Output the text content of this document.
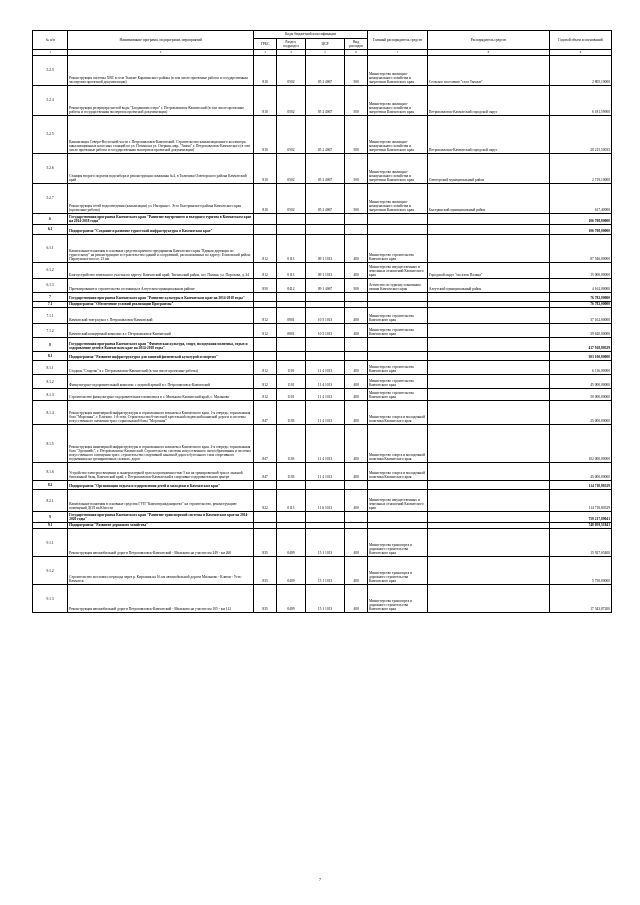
№ п/п	Наименование программ, подпрограмм, мероприятий	Коды бюджетной классификации				Главный распорядитель средств	Распорядитель средств	Годовой объем ассигнований
		ГРБС	Раздел, подраздел	ЦСР	Вид расходов			
1	2	3	4	5	6	7	8	9
5.2.3	Реконструкция системы ХВС в селе Тымлат Карагинского района (в том числе проектные работы и государственная экспертиза проектной документации)	810	0502	05 2 4067	500	Министерство жилищно-коммунального хозяйства и энергетики Камчатского края	Сельское поселение "село Тымлат"	2 805,10000
5.2.4	Реконструкция резервуара чистой воды "Богданович озеро" г. Петропавловск-Камчатский (в том числе проектные работы и государственная экспертиза проектной документации)	810	0502	05 2 4067	500	Министерство жилищно-коммунального хозяйства и энергетики Камчатского края	Петропавловск-Камчатский городской округ	6 181,59900
5.2.5	Канализация Северо-Восточной части г. Петропавловск-Камчатский. Строительство канализационного коллектора, канализационных насосных станций по ул. Потина на ул. Озерная, мкр. "Авача" г. Петропавловск-Камчатского (в том числе проектные работы и государственная экспертиза проектной документации)	810	0502	05 2 4067	500	Министерство жилищно-коммунального хозяйства и энергетики Камчатского края	Петропавловск-Камчатский городской округ	20 215,50035
5.2.6	Станция второго подъема водозабора и реконструкция скважины №4, в Тиличики Олюторского района Камчатский край	810	0502	05 2 4067	500	Министерство жилищно-коммунального хозяйства и энергетики Камчатского края	Олюторский муниципальный район	2 719,10000
5.2.7	Реконструкция сетей водоотведения (канализации) ул. Нагорная с. Эссо Быстринского района Камчатского края (проектные работы)	810	0502	05 2 4067	500	Министерство жилищно-коммунального хозяйства и энергетики Камчатского края	Быстринский муниципальный район	617,40000
6	Государственная программа Камчатского края "Развитие внутреннего и въездного туризма в Камчатском крае на 2014-2018 годы"							106 708,00000
6.1	Подпрограмма "Создание и развитие туристской инфраструктуры в Камчатском крае"							106 708,00000
6.1.1	Капитальные вложения в основные средства краевого предприятия Камчатского края "Единая дирекция по туристскому" на реконструкцию и строительство зданий и сооружений, расположенных по адресу: Елизовский район, Паратунское шоссе, 23 км	812	0113	09 1 1013	400	Министерство строительства Камчатского края		87 546,00000
6.1.2	Благоустройство земельного участка по адресу: Камчатский край, Тигильский район, пгт. Палана, ул. Поротова, д. 24	812	0113	09 1 1013	400	Министерство имущественных и земельных отношений Камчатского края	Городской округ "поселок Палана"	15 000,00000
6.1.3	Проектирование и строительство гостиницы в Алеутском муниципальном районе	850	0412	09 1 4067	500	Агентство по туризму и внешним связям Камчатского края	Алеутский муниципальный район	4 162,00000
7	Государственная программа Камчатского края "Развитие культуры в Камчатском крае на 2014-2018 годы"							76 782,00000
7.1	Подпрограмма "Обеспечение условий реализации Программы"							76 782,00000
7.1.1	Камчатский театр кукол г. Петропавловск-Камчатский	812	0801	10 5 1013	400	Министерство строительства Камчатского края		37 162,00000
7.1.2	Камчатский концертный комплекс в г. Петропавловск-Камчатский	812	0801	10 5 1013	400	Министерство строительства Камчатского края		39 620,00000
8	Государственная программа Камчатского края "Физическая культура, спорт, молодежная политика, отдых и оздоровление детей в Камчатском крае на 2014-2018 годы"							417 918,80529
8.1	Подпрограмма "Развитие инфраструктуры для занятий физической культурой и спортом"							303 100,00000
8.1.1	Стадион "Спартак" в г. Петропавловск-Камчатский (в том числе проектные работы)	812	1101	11 4 1013	400	Министерство строительства Камчатского края		6 116,00000
8.1.2	Физкультурно-оздоровительный комплекс с ледовой ареной в г. Петропавловск-Камчатский	812	1101	11 4 1013	400	Министерство строительства Камчатского края		45 000,00000
8.1.3	Строительство физкультурно-оздоровительного комплекса в с. Мильково Камчатский край, с. Мильково	812	1101	11 4 1013	400	Министерство строительства Камчатского края		50 000,00000
8.1.4	Реконструкция инженерной инфраструктуры и горнолыжного комплекса Камчатского края. 1-я очередь: горнолыжная база "Морозная", г. Елизово. 1-й этап. Строительство 6-местной кресельной подвесной канатной дороги и системы искусственного снежения трасс горнолыжной базы "Морозная"	847	1103	11 4 1013	400	Министерство спорта и молодежной политики Камчатского края		25 000,00000
8.1.5	Реконструкция инженерной инфраструктуры и горнолыжного комплекса Камчатского края. 2-я очередь: горнолыжная база "Эдельвейс", г. Петропавловск-Камчатский. Строительство системы искусственного снегообразования и системы искусственного освещения трасс, строительство спортивной канатной дороги бугельного типа спортивного подъемника на тренировочных склонах, дорог	847	1103	11 4 1013	400	Министерство спорта и молодежной политики Камчатского края		102 000,00000
8.1.6	Устройство электроосвещения и лыжероллерной трассы протяженностью 5 км на тренировочной трассе лыжной биатлонной базы, Камчатский край, г. Петропавловск-Камчатский в спортивно-оздоровительном центре	847	1103	11 4 1013	400	Министерство спорта и молодежной политики Камчатского края		45 000,00000
8.2	Подпрограмма "Организация отдыха и оздоровления детей и молодежи в Камчатском крае"							114 718,80529
8.2.1	Капитальные вложения в основные средства ГУП "Камчатгражданпроект" на строительство, реконструкцию помещений ДОЛ на Юности	822	0113	11 6 1013	400	Министерство имущественных и земельных отношений Камчатского края		114 718,80529
9	Государственная программа Камчатского края "Развитие транспортной системы в Камчатском крае на 2014-2020 годы"							750 217,80041
9.1	Подпрограмма "Развитие дорожного хозяйства"							748 059,51841
9.1.1	Реконструкция автомобильной дороги Петропавловск-Камчатский - Мильково на участке км 249 - км 260	835	0409	15 1 1013	400	Министерство транспорта и дорожного строительства Камчатского края		15 927,65400
9.1.2	Строительство мостового перехода через р. Кирганик на 16 км автомобильной дороги Мильково - Ключи - Усть-Камчатск	835	0409	15 1 1013	400	Министерство транспорта и дорожного строительства Камчатского края		5 750,00000
9.1.3	Реконструкция автомобильной дороги Петропавловск-Камчатский - Мильково на участке км 105 - км 112	835	0409	15 1 1013	400	Министерство транспорта и дорожного строительства Камчатского края		17 343,87200
7
